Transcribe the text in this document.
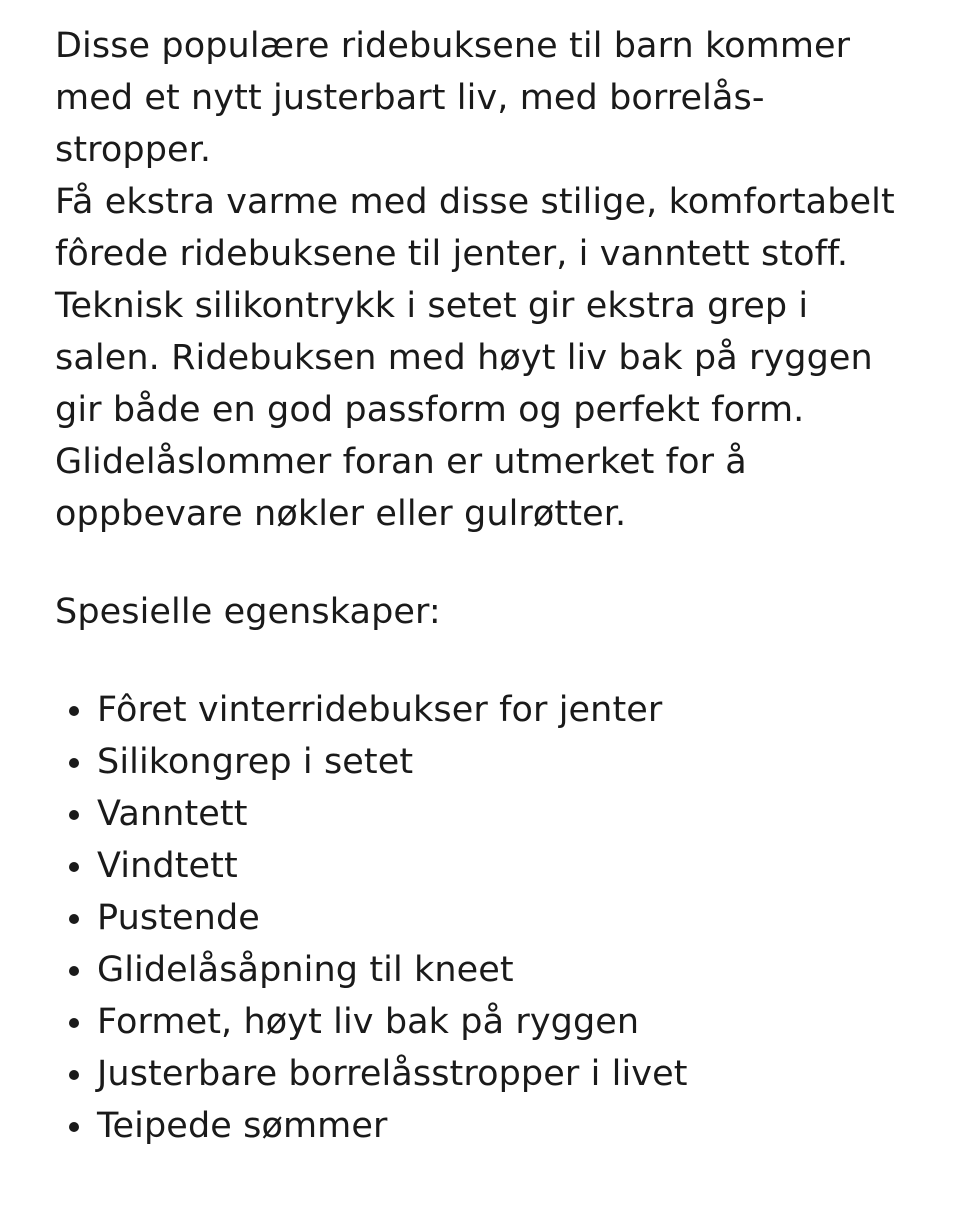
Disse populære ridebuksene til barn kommer med et nytt justerbart liv, med borrelås-stropper.

Få ekstra varme med disse stilige, komfortabelt fôrede ridebuksene til jenter, i vanntett stoff. Teknisk silikontrykk i setet gir ekstra grep i salen. Ridebuksen med høyt liv bak på ryggen gir både en god passform og perfekt form. Glidelåslommer foran er utmerket for å oppbevare nøkler eller gulrøtter.

Spesielle egenskaper:

Fôret vinterridebukser for jenter
Silikongrep i setet
Vanntett
Vindtett
Pustende
Glidelåsåpning til kneet
Formet, høyt liv bak på ryggen
Justerbare borrelåsstropper i livet
Teipede sømmer
